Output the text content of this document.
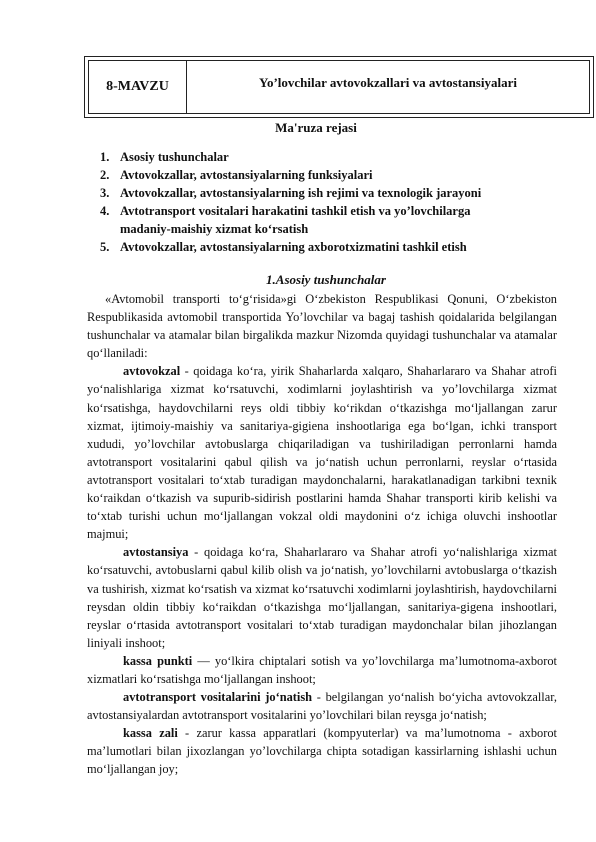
8-MAVZU	Yo’lovchilar avtovokzallari va avtostansiyalari
Ma'ruza rejasi
1. Asosiy tushunchalar
2. Avtovokzallar, avtostansiyalarning funksiyalari
3. Avtovokzallar, avtostansiyalarning ish rejimi va texnologik jarayoni
4. Avtotransport vositalari harakatini tashkil etish va yo’lovchilarga madaniy-maishiy xizmat ko‘rsatish
5. Avtovokzallar, avtostansiyalarning axborotxizmatini tashkil etish
1.Asosiy tushunchalar

«Avtomobil transporti to‘g‘risida»gi O‘zbekiston Respublikasi Qonuni, O‘zbekiston Respublikasida avtomobil transportida Yo’lovchilar va bagaj tashish qoidalarida belgilangan tushunchalar va atamalar bilan birgalikda mazkur Nizomda quyidagi tushunchalar va atamalar qo‘llaniladi:

avtovokzal - qoidaga ko‘ra, yirik Shaharlarda xalqaro, Shaharlararo va Shahar atrofi yo‘nalishlariga xizmat ko‘rsatuvchi, xodimlarni joylashtirish va yo’lovchilarga xizmat ko‘rsatishga, haydovchilarni reys oldi tibbiy ko‘rikdan o‘tkazishga mo‘ljallangan zarur xizmat, ijtimoiy-maishiy va sanitariya-gigiena inshootlariga ega bo‘lgan, ichki transport xududi, yo’lovchilar avtobuslarga chiqariladigan va tushiriladigan perronlarni hamda avtotransport vositalarini qabul qilish va jo‘natish uchun perronlarni, reyslar o‘rtasida avtotransport vositalari to‘xtab turadigan maydonchalarni, harakatlanadigan tarkibni texnik ko‘raikdan o‘tkazish va supurib-sidirish postlarini hamda Shahar transporti kirib kelishi va to‘xtab turishi uchun mo‘ljallangan vokzal oldi maydonini o‘z ichiga oluvchi inshootlar majmui;

avtostansiya - qoidaga ko‘ra, Shaharlararo va Shahar atrofi yo‘nalishlariga xizmat ko‘rsatuvchi, avtobuslarni qabul kilib olish va jo‘natish, yo’lovchilarni avtobuslarga o‘tkazish va tushirish, xizmat ko‘rsatish va xizmat ko‘rsatuvchi xodimlarni joylashtirish, haydovchilarni reysdan oldin tibbiy ko‘raikdan o‘tkazishga mo‘ljallangan, sanitariya-gigena inshootlari, reyslar o‘rtasida avtotransport vositalari to‘xtab turadigan maydonchalar bilan jihozlangan liniyali inshoot;

kassa punkti — yo‘lkira chiptalari sotish va yo’lovchilarga ma’lumotnoma-axborot xizmatlari ko‘rsatishga mo‘ljallangan inshoot;

avtotransport vositalarini jo‘natish - belgilangan yo‘nalish bo‘yicha avtovokzallar, avtostansiyalardan avtotransport vositalarini yo’lovchilari bilan reysga jo‘natish;

kassa zali - zarur kassa apparatlari (kompyuterlar) va ma’lumotnoma - axborot ma’lumotlari bilan jixozlangan yo’lovchilarga chipta sotadigan kassirlarning ishlashi uchun mo‘ljallangan joy;
